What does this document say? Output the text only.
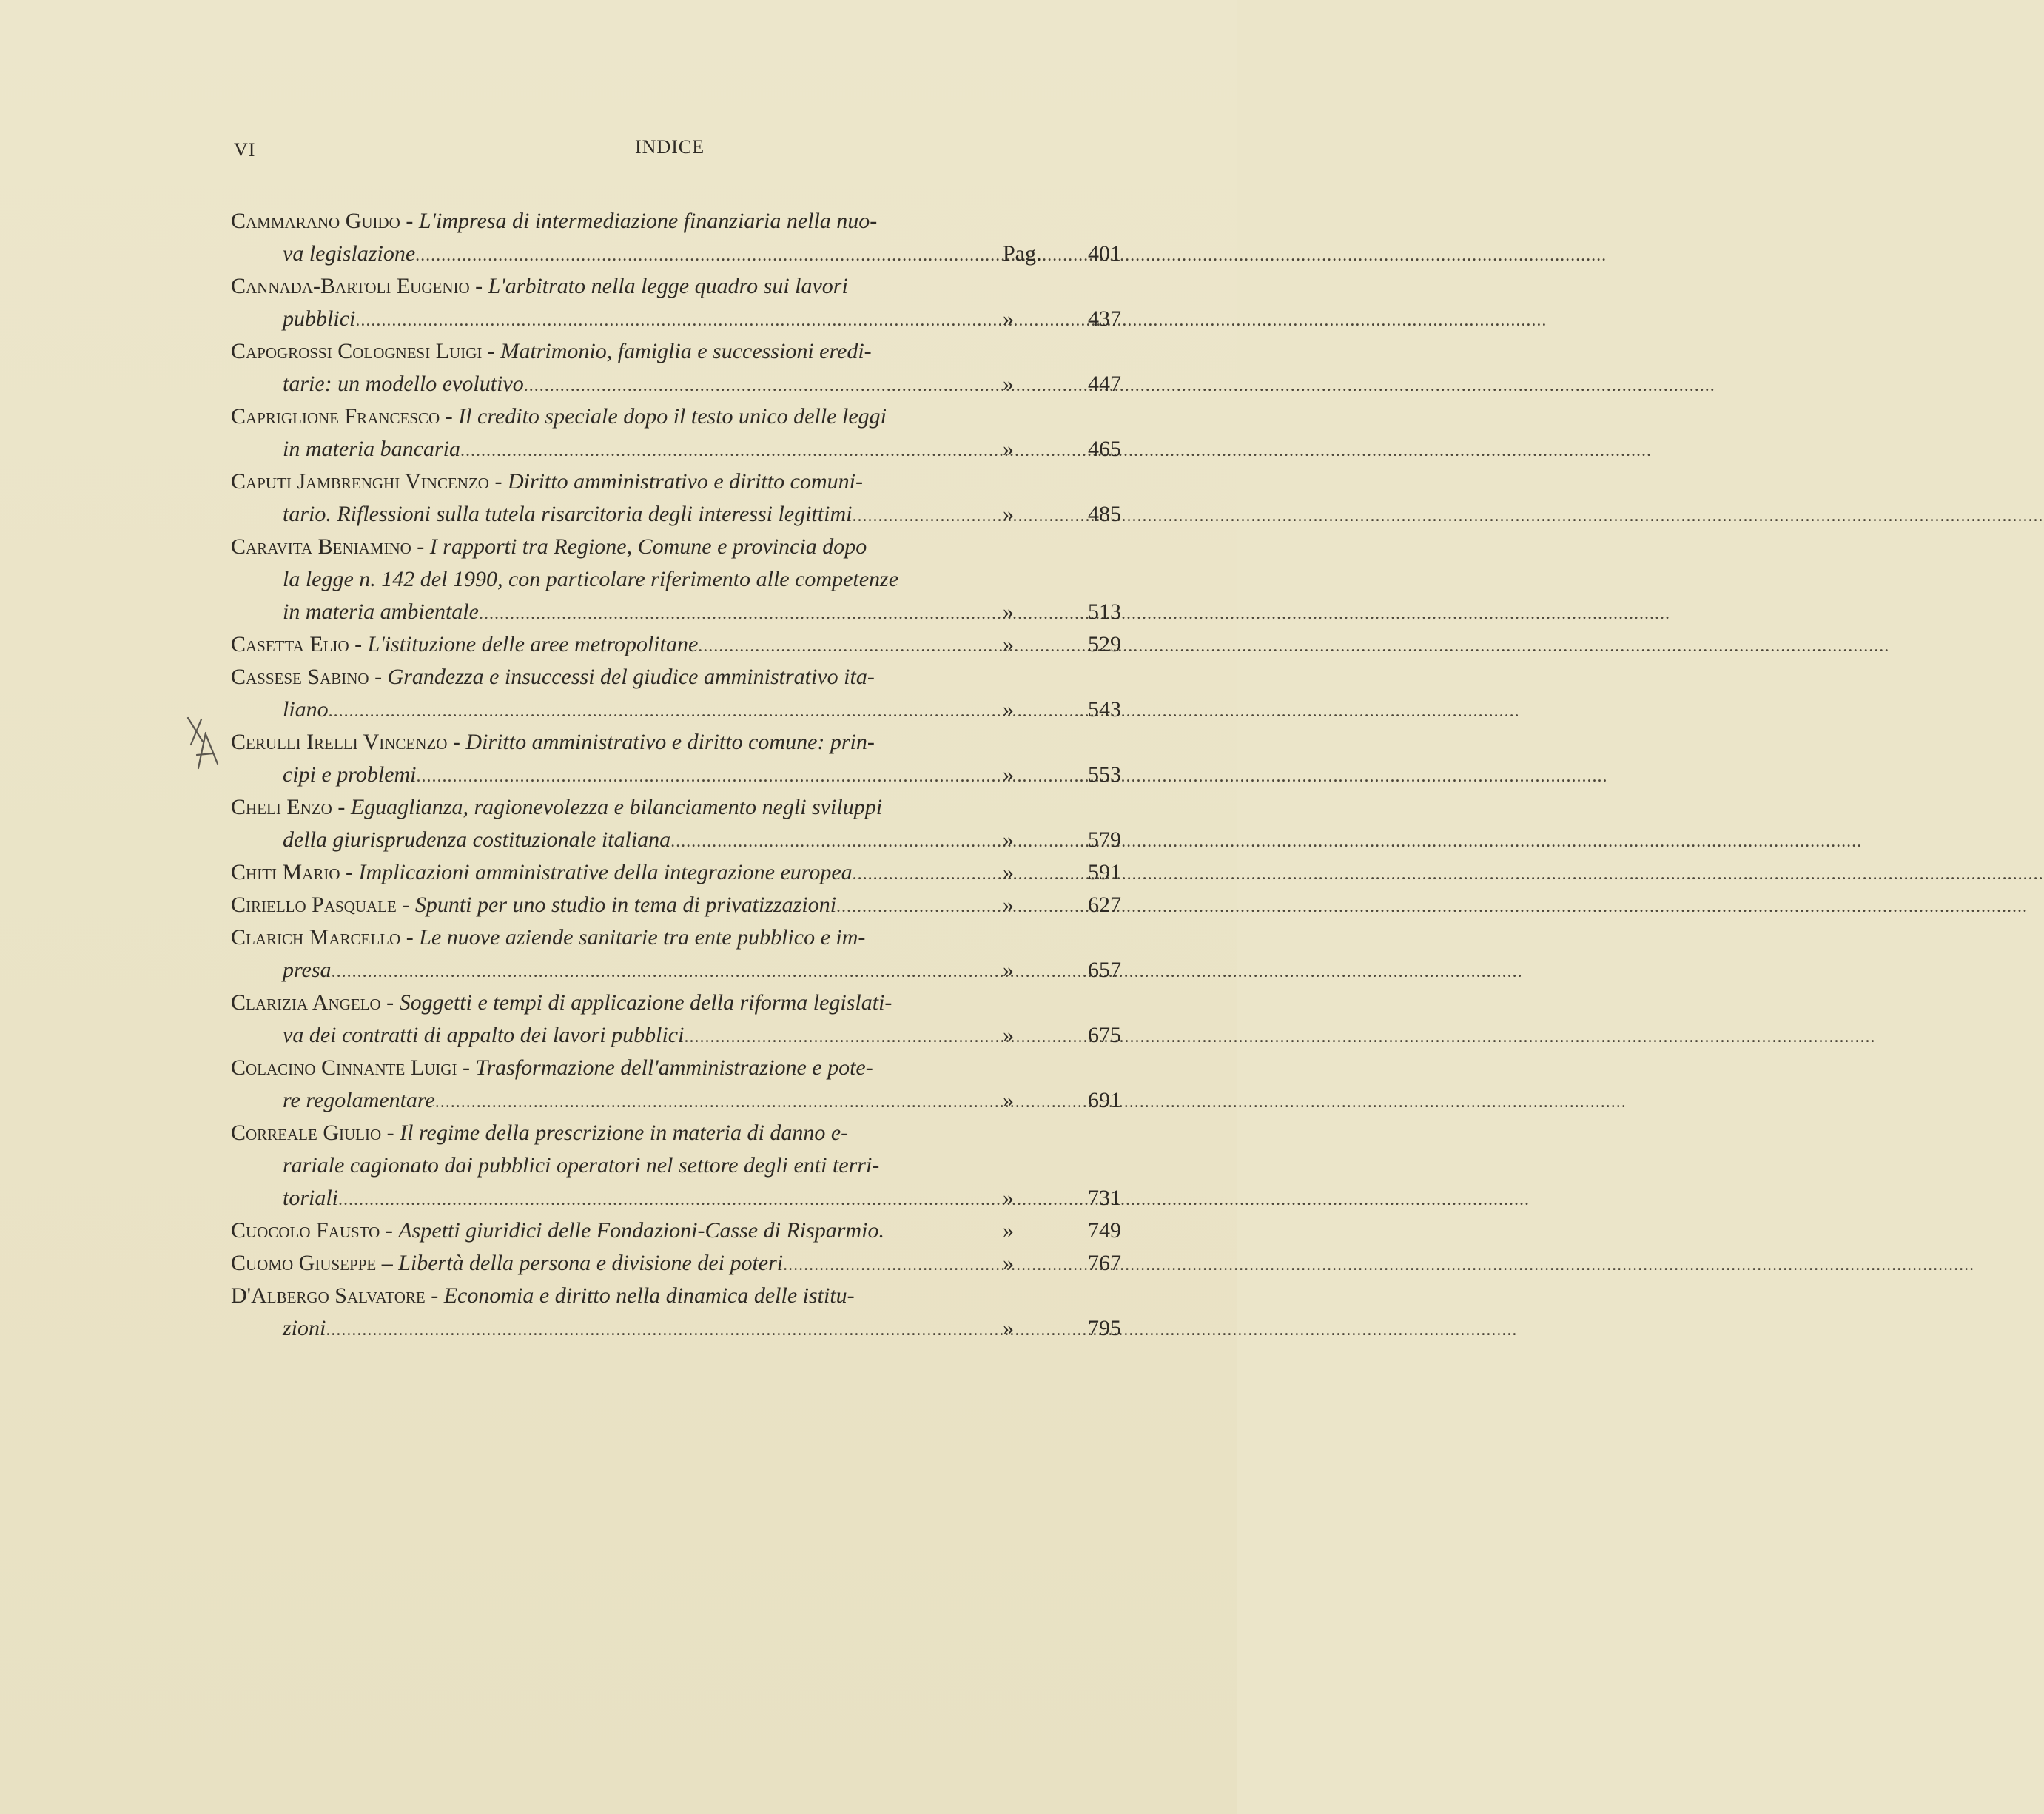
VI	INDICE
Cammarano Guido - L'impresa di intermediazione finanziaria nella nuo-
va legislazione .....	Pag. 401
Cannada-Bartoli Eugenio - L'arbitrato nella legge quadro sui lavori
pubblici .....	»	437
Capogrossi Colognesi Luigi - Matrimonio, famiglia e successioni eredi-
tarie: un modello evolutivo .....	»	447
Capriglione Francesco - Il credito speciale dopo il testo unico delle leggi
in materia bancaria .....	»	465
Caputi Jambrenghi Vincenzo - Diritto amministrativo e diritto comuni-
tario. Riflessioni sulla tutela risarcitoria degli interessi legittimi .....	»	485
Caravita Beniamino - I rapporti tra Regione, Comune e provincia dopo
la legge n. 142 del 1990, con particolare riferimento alle competenze
in materia ambientale .....	»	513
Casetta Elio - L'istituzione delle aree metropolitane .....	»	529
Cassese Sabino - Grandezza e insuccessi del giudice amministrativo ita-
liano .....	»	543
Cerulli Irelli Vincenzo - Diritto amministrativo e diritto comune: prin-
cipi e problemi .....	»	553
Cheli Enzo - Eguaglianza, ragionevolezza e bilanciamento negli sviluppi
della giurisprudenza costituzionale italiana .....	»	579
Chiti Mario - Implicazioni amministrative della integrazione europea .....	»	591
Ciriello Pasquale - Spunti per uno studio in tema di privatizzazioni .....	»	627
Clarich Marcello - Le nuove aziende sanitarie tra ente pubblico e im-
presa .....	»	657
Clarizia Angelo - Soggetti e tempi di applicazione della riforma legislati-
va dei contratti di appalto dei lavori pubblici .....	»	675
Colacino Cinnante Luigi - Trasformazione dell'amministrazione e pote-
re regolamentare .....	»	691
Correale Giulio - Il regime della prescrizione in materia di danno e-
rariale cagionato dai pubblici operatori nel settore degli enti terri-
toriali .....	»	731
Cuocolo Fausto - Aspetti giuridici delle Fondazioni-Casse di Risparmio.	»	749
Cuomo Giuseppe – Libertà della persona e divisione dei poteri .....	»	767
D'Albergo Salvatore - Economia e diritto nella dinamica delle istitu-
zioni .....	»	795
